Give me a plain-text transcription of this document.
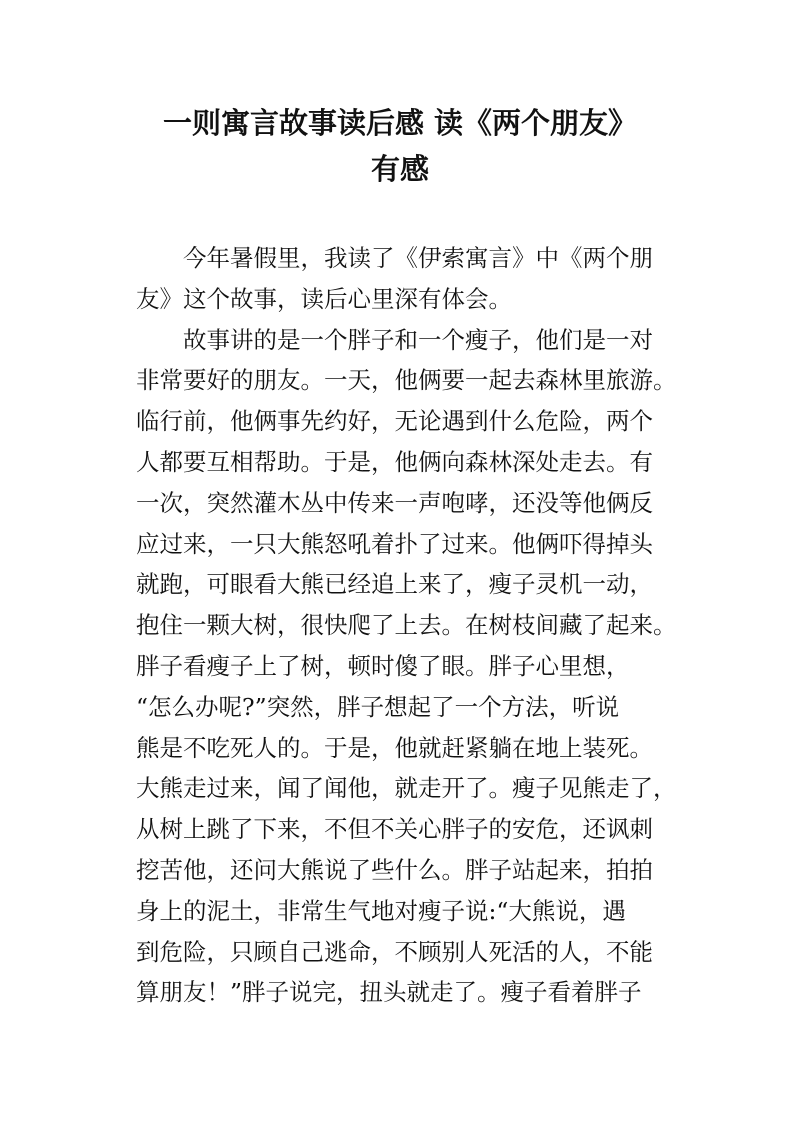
一则寓言故事读后感 读《两个朋友》
有感
今年暑假里，我读了《伊索寓言》中《两个朋
友》这个故事，读后心里深有体会。
故事讲的是一个胖子和一个瘦子，他们是一对
非常要好的朋友。一天，他俩要一起去森林里旅游。
临行前，他俩事先约好，无论遇到什么危险，两个
人都要互相帮助。于是，他俩向森林深处走去。有
一次，突然灌木丛中传来一声咆哮，还没等他俩反
应过来，一只大熊怒吼着扑了过来。他俩吓得掉头
就跑，可眼看大熊已经追上来了，瘦子灵机一动，
抱住一颗大树，很快爬了上去。在树枝间藏了起来。
胖子看瘦子上了树，顿时傻了眼。胖子心里想，
“怎么办呢?”突然，胖子想起了一个方法，听说
熊是不吃死人的。于是，他就赶紧躺在地上装死。
大熊走过来，闻了闻他，就走开了。瘦子见熊走了，
从树上跳了下来，不但不关心胖子的安危，还讽刺
挖苦他，还问大熊说了些什么。胖子站起来，拍拍
身上的泥土，非常生气地对瘦子说:“大熊说，遇
到危险，只顾自己逃命，不顾别人死活的人，不能
算朋友！”胖子说完，扭头就走了。瘦子看着胖子
